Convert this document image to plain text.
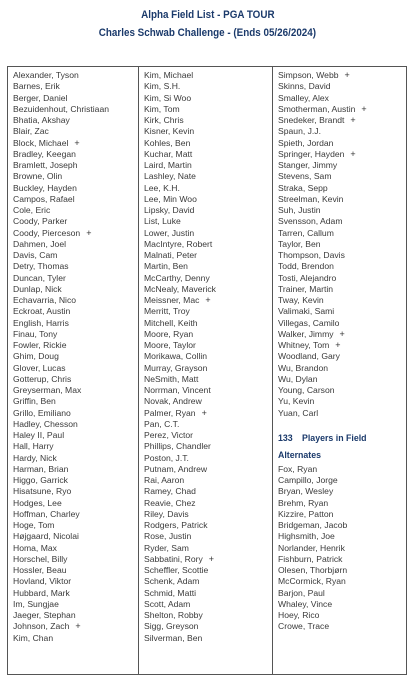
Alpha Field List - PGA TOUR
Charles Schwab Challenge - (Ends 05/26/2024)
Alexander, Tyson
Barnes, Erik
Berger, Daniel
Bezuidenhout, Christiaan
Bhatia, Akshay
Blair, Zac
Block, Michael +
Bradley, Keegan
Bramlett, Joseph
Browne, Olin
Buckley, Hayden
Campos, Rafael
Cole, Eric
Coody, Parker
Coody, Pierceson +
Dahmen, Joel
Davis, Cam
Detry, Thomas
Duncan, Tyler
Dunlap, Nick
Echavarria, Nico
Eckroat, Austin
English, Harris
Finau, Tony
Fowler, Rickie
Ghim, Doug
Glover, Lucas
Gotterup, Chris
Greyserman, Max
Griffin, Ben
Grillo, Emiliano
Hadley, Chesson
Haley II, Paul
Hall, Harry
Hardy, Nick
Harman, Brian
Higgo, Garrick
Hisatsune, Ryo
Hodges, Lee
Hoffman, Charley
Hoge, Tom
Højgaard, Nicolai
Homa, Max
Horschel, Billy
Hossler, Beau
Hovland, Viktor
Hubbard, Mark
Im, Sungjae
Jaeger, Stephan
Johnson, Zach +
Kim, Chan
Kim, Michael
Kim, S.H.
Kim, Si Woo
Kim, Tom
Kirk, Chris
Kisner, Kevin
Kohles, Ben
Kuchar, Matt
Laird, Martin
Lashley, Nate
Lee, K.H.
Lee, Min Woo
Lipsky, David
List, Luke
Lower, Justin
MacIntyre, Robert
Malnati, Peter
Martin, Ben
McCarthy, Denny
McNealy, Maverick
Meissner, Mac +
Merritt, Troy
Mitchell, Keith
Moore, Ryan
Moore, Taylor
Morikawa, Collin
Murray, Grayson
NeSmith, Matt
Norrman, Vincent
Novak, Andrew
Palmer, Ryan +
Pan, C.T.
Perez, Victor
Phillips, Chandler
Poston, J.T.
Putnam, Andrew
Rai, Aaron
Ramey, Chad
Reavie, Chez
Riley, Davis
Rodgers, Patrick
Rose, Justin
Ryder, Sam
Sabbatini, Rory +
Scheffler, Scottie
Schenk, Adam
Schmid, Matti
Scott, Adam
Shelton, Robby
Sigg, Greyson
Silverman, Ben
Simpson, Webb +
Skinns, David
Smalley, Alex
Smotherman, Austin +
Snedeker, Brandt +
Spaun, J.J.
Spieth, Jordan
Springer, Hayden +
Stanger, Jimmy
Stevens, Sam
Straka, Sepp
Streelman, Kevin
Suh, Justin
Svensson, Adam
Tarren, Callum
Taylor, Ben
Thompson, Davis
Todd, Brendon
Tosti, Alejandro
Trainer, Martin
Tway, Kevin
Valimaki, Sami
Villegas, Camilo
Walker, Jimmy +
Whitney, Tom +
Woodland, Gary
Wu, Brandon
Wu, Dylan
Young, Carson
Yu, Kevin
Yuan, Carl
133 Players in Field
Alternates
Fox, Ryan
Campillo, Jorge
Bryan, Wesley
Brehm, Ryan
Kizzire, Patton
Bridgeman, Jacob
Highsmith, Joe
Norlander, Henrik
Fishburn, Patrick
Olesen, Thorbjørn
McCormick, Ryan
Barjon, Paul
Whaley, Vince
Hoey, Rico
Crowe, Trace
